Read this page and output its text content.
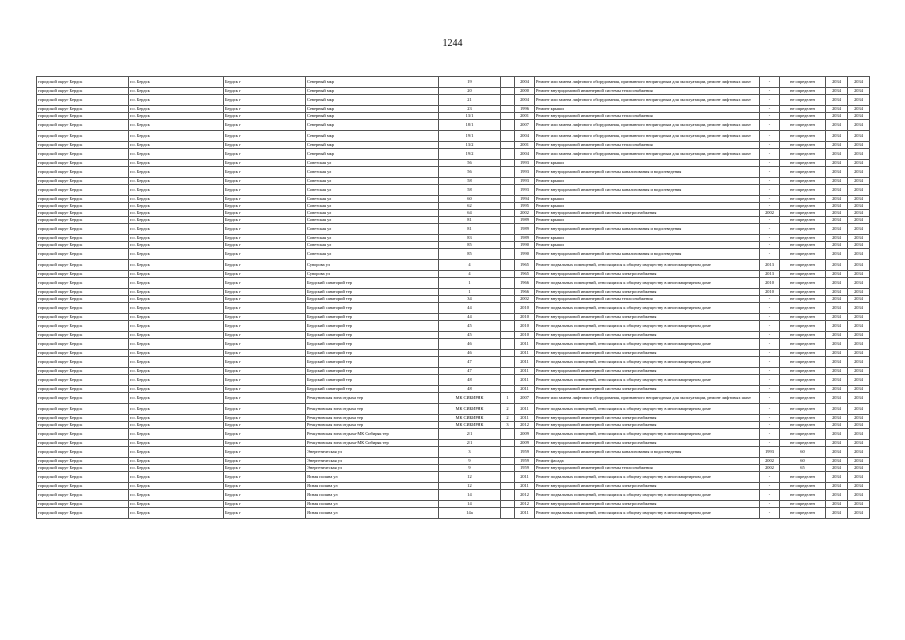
1244
городской округ Бердск	г.о. Бердск	Бердск г	Северный мкр	19		2004	Ремонт или замена лифтового оборудования, признанного непригодным для эксплуатации, ремонт лифтовых шахт	-	не определен	2034	2034
городской округ Бердск	г.о. Бердск	Бердск г	Северный мкр	20		2000	Ремонт внутридомовой инженерной системы теплоснабжения	-	не определен	2034	2034
городской округ Бердск	г.о. Бердск	Бердск г	Северный мкр	21		2004	Ремонт или замена лифтового оборудования, признанного непригодным для эксплуатации, ремонт лифтовых шахт	-	не определен	2034	2034
городской округ Бердск	г.о. Бердск	Бердск г	Северный мкр	23		1996	Ремонт крыши	-	не определен	2034	2034
городской округ Бердск	г.о. Бердск	Бердск г	Северный мкр	13/1		2001	Ремонт внутридомовой инженерной системы теплоснабжения	-	не определен	2034	2034
городской округ Бердск	г.о. Бердск	Бердск г	Северный мкр	18/1		2007	Ремонт или замена лифтового оборудования, признанного непригодным для эксплуатации, ремонт лифтовых шахт	-	не определен	2034	2034
городской округ Бердск	г.о. Бердск	Бердск г	Северный мкр	19/1		2004	Ремонт или замена лифтового оборудования, признанного непригодным для эксплуатации, ремонт лифтовых шахт	-	не определен	2034	2034
городской округ Бердск	г.о. Бердск	Бердск г	Северный мкр	13/2		2001	Ремонт внутридомовой инженерной системы теплоснабжения	-	не определен	2034	2034
городской округ Бердск	г.о. Бердск	Бердск г	Северный мкр	19/2		2004	Ремонт или замена лифтового оборудования, признанного непригодным для эксплуатации, ремонт лифтовых шахт	-	не определен	2034	2034
городской округ Бердск	г.о. Бердск	Бердск г	Советская ул	56		1993	Ремонт крыши	-	не определен	2034	2034
городской округ Бердск	г.о. Бердск	Бердск г	Советская ул	56		1993	Ремонт внутридомовой инженерной системы канализования и водоотведения	-	не определен	2034	2034
городской округ Бердск	г.о. Бердск	Бердск г	Советская ул	58		1993	Ремонт крыши	-	не определен	2034	2034
городской округ Бердск	г.о. Бердск	Бердск г	Советская ул	58		1993	Ремонт внутридомовой инженерной системы канализования и водоотведения	-	не определен	2034	2034
городской округ Бердск	г.о. Бердск	Бердск г	Советская ул	60		1994	Ремонт крыши	-	не определен	2034	2034
городской округ Бердск	г.о. Бердск	Бердск г	Советская ул	62		1995	Ремонт крыши	-	не определен	2034	2034
городской округ Бердск	г.о. Бердск	Бердск г	Советская ул	64		2002	Ремонт внутридомовой инженерной системы электроснабжения	2002	не определен	2034	2034
городской округ Бердск	г.о. Бердск	Бердск г	Советская ул	81		1989	Ремонт крыши	-	не определен	2034	2034
городской округ Бердск	г.о. Бердск	Бердск г	Советская ул	81		1989	Ремонт внутридомовой инженерной системы канализования и водоотведения	-	не определен	2034	2034
городской округ Бердск	г.о. Бердск	Бердск г	Советская ул	83		1989	Ремонт крыши	-	не определен	2034	2034
городской округ Бердск	г.о. Бердск	Бердск г	Советская ул	85		1990	Ремонт крыши	-	не определен	2034	2034
городской округ Бердск	г.о. Бердск	Бердск г	Советская ул	85		1990	Ремонт внутридомовой инженерной системы канализования и водоотведения	-	не определен	2034	2034
городской округ Бердск	г.о. Бердск	Бердск г	Суворова ул	4		1965	Ремонт подвальных помещений, относящихся к общему имуществу в многоквартирном доме	2013	не определен	2034	2034
городской округ Бердск	г.о. Бердск	Бердск г	Суворова ул	4		1965	Ремонт внутридомовой инженерной системы электроснабжения	2013	не определен	2034	2034
городской округ Бердск	г.о. Бердск	Бердск г	Бердский санаторий тер	1		1966	Ремонт подвальных помещений, относящихся к общему имуществу в многоквартирном доме	2010	не определен	2034	2034
городской округ Бердск	г.о. Бердск	Бердск г	Бердский санаторий тер	1		1966	Ремонт внутридомовой инженерной системы электроснабжения	2010	не определен	2034	2034
городской округ Бердск	г.о. Бердск	Бердск г	Бердский санаторий тер	34		2002	Ремонт внутридомовой инженерной системы теплоснабжения	-	не определен	2034	2034
городской округ Бердск	г.о. Бердск	Бердск г	Бердский санаторий тер	44		2010	Ремонт подвальных помещений, относящихся к общему имуществу в многоквартирном доме	-	не определен	2034	2034
городской округ Бердск	г.о. Бердск	Бердск г	Бердский санаторий тер	44		2010	Ремонт внутридомовой инженерной системы электроснабжения	-	не определен	2034	2034
городской округ Бердск	г.о. Бердск	Бердск г	Бердский санаторий тер	45		2010	Ремонт подвальных помещений, относящихся к общему имуществу в многоквартирном доме	-	не определен	2034	2034
городской округ Бердск	г.о. Бердск	Бердск г	Бердский санаторий тер	45		2010	Ремонт внутридомовой инженерной системы электроснабжения	-	не определен	2034	2034
городской округ Бердск	г.о. Бердск	Бердск г	Бердский санаторий тер	46		2011	Ремонт подвальных помещений, относящихся к общему имуществу в многоквартирном доме	-	не определен	2034	2034
городской округ Бердск	г.о. Бердск	Бердск г	Бердский санаторий тер	46		2011	Ремонт внутридомовой инженерной системы электроснабжения	-	не определен	2034	2034
городской округ Бердск	г.о. Бердск	Бердск г	Бердский санаторий тер	47		2011	Ремонт подвальных помещений, относящихся к общему имуществу в многоквартирном доме	-	не определен	2034	2034
городской округ Бердск	г.о. Бердск	Бердск г	Бердский санаторий тер	47		2011	Ремонт внутридомовой инженерной системы электроснабжения	-	не определен	2034	2034
городской округ Бердск	г.о. Бердск	Бердск г	Бердский санаторий тер	48		2011	Ремонт подвальных помещений, относящихся к общему имуществу в многоквартирном доме	-	не определен	2034	2034
городской округ Бердск	г.о. Бердск	Бердск г	Бердский санаторий тер	48		2011	Ремонт внутридомовой инженерной системы электроснабжения	-	не определен	2034	2034
городской округ Бердск	г.о. Бердск	Бердск г	Речкуновская зона отдыха тер	МК СИБИРЯК	1	2007	Ремонт или замена лифтового оборудования, признанного непригодным для эксплуатации, ремонт лифтовых шахт	-	не определен	2034	2034
городской округ Бердск	г.о. Бердск	Бердск г	Речкуновская зона отдыха тер	МК СИБИРЯК	2	2011	Ремонт подвальных помещений, относящихся к общему имуществу в многоквартирном доме	-	не определен	2034	2034
городской округ Бердск	г.о. Бердск	Бердск г	Речкуновская зона отдыха тер	МК СИБИРЯК	2	2011	Ремонт внутридомовой инженерной системы электроснабжения	-	не определен	2034	2034
городской округ Бердск	г.о. Бердск	Бердск г	Речкуновская зона отдыха тер	МК СИБИРЯК	3	2012	Ремонт внутридомовой инженерной системы электроснабжения	-	не определен	2034	2034
городской округ Бердск	г.о. Бердск	Бердск г	Речкуновская зона отдыха-МК Сибиряк тер	2/1		2009	Ремонт подвальных помещений, относящихся к общему имуществу в многоквартирном доме	-	не определен	2034	2034
городской округ Бердск	г.о. Бердск	Бердск г	Речкуновская зона отдыха-МК Сибиряк тер	2/1		2009	Ремонт внутридомовой инженерной системы электроснабжения	-	не определен	2034	2034
городской округ Бердск	г.о. Бердск	Бердск г	Энергетическая ул	3		1959	Ремонт внутридомовой инженерной системы канализования и водоотведения	1993	60	2034	2034
городской округ Бердск	г.о. Бердск	Бердск г	Энергетическая ул	9		1959	Ремонт фасада	2002	60	2034	2034
городской округ Бердск	г.о. Бердск	Бердск г	Энергетическая ул	9		1959	Ремонт внутридомовой инженерной системы теплоснабжения	2002	65	2034	2034
городской округ Бердск	г.о. Бердск	Бердск г	Ясная поляна ул	12		2011	Ремонт подвальных помещений, относящихся к общему имуществу в многоквартирном доме	-	не определен	2034	2034
городской округ Бердск	г.о. Бердск	Бердск г	Ясная поляна ул	12		2011	Ремонт внутридомовой инженерной системы электроснабжения	-	не определен	2034	2034
городской округ Бердск	г.о. Бердск	Бердск г	Ясная поляна ул	14		2012	Ремонт подвальных помещений, относящихся к общему имуществу в многоквартирном доме	-	не определен	2034	2034
городской округ Бердск	г.о. Бердск	Бердск г	Ясная поляна ул	14		2012	Ремонт внутридомовой инженерной системы электроснабжения	-	не определен	2034	2034
городской округ Бердск	г.о. Бердск	Бердск г	Ясная поляна ул	14а		2011	Ремонт подвальных помещений, относящихся к общему имуществу в многоквартирном доме	-	не определен	2034	2034
